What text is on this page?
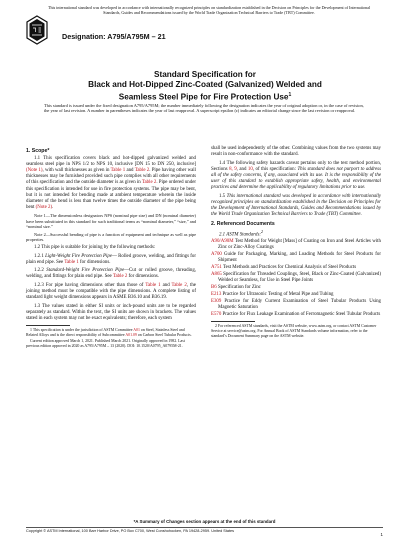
This international standard was developed in accordance with internationally recognized principles on standardization established in the Decision on Principles for the Development of International Standards, Guides and Recommendations issued by the World Trade Organization Technical Barriers to Trade (TBT) Committee.
Designation: A795/A795M – 21
Standard Specification for
Black and Hot-Dipped Zinc-Coated (Galvanized) Welded and
Seamless Steel Pipe for Fire Protection Use$^1$
This standard is issued under the fixed designation A795/A795M; the number immediately following the designation indicates the year of original adoption or, in the case of revision, the year of last revision. A number in parentheses indicates the year of last reapproval. A superscript epsilon (ε) indicates an editorial change since the last revision or reapproval.
1. Scope*

1.1 This specification covers black and hot-dipped galvanized welded and seamless steel pipe in NPS 1/2 to NPS 10, inclusive [DN 15 to DN 250, inclusive] (Note 1), with wall thicknesses as given in Table 1 and Table 2. Pipe having other wall thicknesses may be furnished provided such pipe complies with all other requirements of this specification and the outside diameter is as given in Table 2. Pipe ordered under this specification is intended for use in fire protection systems. The pipe may be bent, but it is not intended for bending made at ambient temperature wherein the inside diameter of the bend is less than twelve times the outside diameter of the pipe being bent (Note 2).

Note 1—The dimensionless designators NPS (nominal pipe size) and DN (nominal diameter) have been substituted in this standard for such traditional terms as “nominal diameter,” “size,” and “nominal size.”
Note 2—Successful bending of pipe is a function of equipment and technique as well as pipe properties.

1.2 This pipe is suitable for joining by the following methods:

1.2.1 Light-Weight Fire Protection Pipe— Rolled groove, welding, and fittings for plain end pipe. See Table 1 for dimensions.

1.2.2 Standard-Weight Fire Protection Pipe—Cut or rolled groove, threading, welding, and fittings for plain end pipe. See Table 2 for dimensions.

1.2.3 For pipe having dimensions other than those of Table 1 and Table 2, the joining method must be compatible with the pipe dimensions. A complete listing of standard light weight dimensions appears in ASME B36.10 and B36.19.

1.3 The values stated in either SI units or inch-pound units are to be regarded separately as standard. Within the text, the SI units are shown in brackets. The values stated in each system may not be exact equivalents; therefore, each system

1 This specification is under the jurisdiction of ASTM Committee A01 on Steel, Stainless Steel and Related Alloys and is the direct responsibility of Subcommittee A01.09 on Carbon Steel Tubular Products.
Current edition approved March 1, 2021. Published March 2021. Originally approved in 1982. Last previous edition approved in 2020 as A795/A795M – 13 (2020). DOI: 10.1520/A0795_A0795M-21.

shall be used independently of the other. Combining values from the two systems may result in non-conformance with the standard.

1.4 The following safety hazards caveat pertains only to the test method portion, Sections 8, 9, and 10, of this specification: This standard does not purport to address all of the safety concerns, if any, associated with its use. It is the responsibility of the user of this standard to establish appropriate safety, health, and environmental practices and determine the applicability of regulatory limitations prior to use.

1.5 This international standard was developed in accordance with internationally recognized principles on standardization established in the Decision on Principles for the Development of International Standards, Guides and Recommendations issued by the World Trade Organization Technical Barriers to Trade (TBT) Committee.

2. Referenced Documents
2.1 ASTM Standards:$^2$
A90/A90M Test Method for Weight [Mass] of Coating on Iron and Steel Articles with Zinc or Zinc-Alloy Coatings
A700 Guide for Packaging, Marking, and Loading Methods for Steel Products for Shipment
A751 Test Methods and Practices for Chemical Analysis of Steel Products
A865 Specification for Threaded Couplings, Steel, Black or Zinc-Coated (Galvanized) Welded or Seamless, for Use in Steel Pipe Joints
B6 Specification for Zinc
E213 Practice for Ultrasonic Testing of Metal Pipe and Tubing
E309 Practice for Eddy Current Examination of Steel Tubular Products Using Magnetic Saturation
E570 Practice for Flux Leakage Examination of Ferromagnetic Steel Tubular Products
2 For referenced ASTM standards, visit the ASTM website, www.astm.org, or contact ASTM Customer Service at service@astm.org. For Annual Book of ASTM Standards volume information, refer to the standard’s Document Summary page on the ASTM website.
*A Summary of Changes section appears at the end of this standard
Copyright © ASTM International, 100 Barr Harbor Drive, PO Box C700, West Conshohocken, PA 19428-2959. United States
1
